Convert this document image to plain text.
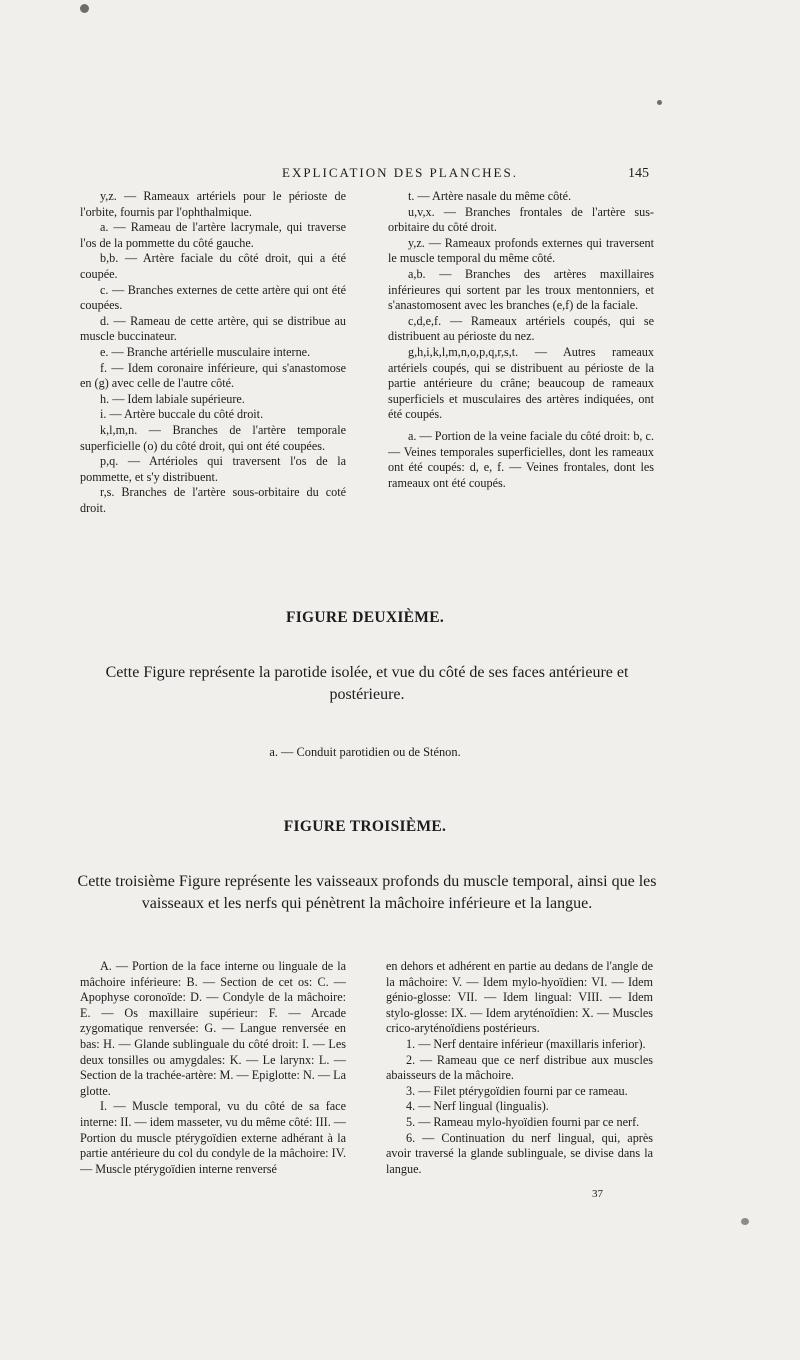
EXPLICATION DES PLANCHES.	145

y,z. — Rameaux artériels pour le périoste de l'orbite, fournis par l'ophthalmique.

a. — Rameau de l'artère lacrymale, qui traverse l'os de la pommette du côté gauche.

b,b. — Artère faciale du côté droit, qui a été coupée.

c. — Branches externes de cette artère qui ont été coupées.

d. — Rameau de cette artère, qui se distribue au muscle buccinateur.

e. — Branche artérielle musculaire interne.

f. — Idem coronaire inférieure, qui s'anastomose en (g) avec celle de l'autre côté.

h. — Idem labiale supérieure.

i. — Artère buccale du côté droit.

k,l,m,n. — Branches de l'artère temporale superficielle (o) du côté droit, qui ont été coupées.

p,q. — Artérioles qui traversent l'os de la pommette, et s'y distribuent.

r,s. Branches de l'artère sous-orbitaire du coté droit.

t. — Artère nasale du même côté.

u,v,x. — Branches frontales de l'artère sus-orbitaire du côté droit.

y,z. — Rameaux profonds externes qui traversent le muscle temporal du même côté.

a,b. — Branches des artères maxillaires inférieures qui sortent par les troux mentonniers, et s'anastomosent avec les branches (e,f) de la faciale.

c,d,e,f. — Rameaux artériels coupés, qui se distribuent au périoste du nez.

g,h,i,k,l,m,n,o,p,q,r,s,t. — Autres rameaux artériels coupés, qui se distribuent au périoste de la partie antérieure du crâne; beaucoup de rameaux superficiels et musculaires des artères indiquées, ont été coupés.

a. — Portion de la veine faciale du côté droit: b, c. — Veines temporales superficielles, dont les rameaux ont été coupés: d, e, f. — Veines frontales, dont les rameaux ont été coupés.

FIGURE DEUXIÈME.
Cette Figure représente la parotide isolée, et vue du côté de ses faces antérieure et postérieure.
a. — Conduit parotidien ou de Sténon.
FIGURE TROISIÈME.
Cette troisième Figure représente les vaisseaux profonds du muscle temporal, ainsi que les vaisseaux et les nerfs qui pénètrent la mâchoire inférieure et la langue.

A. — Portion de la face interne ou linguale de la mâchoire inférieure: B. — Section de cet os: C. — Apophyse coronoïde: D. — Condyle de la mâchoire: E. — Os maxillaire supérieur: F. — Arcade zygomatique renversée: G. — Langue renversée en bas: H. — Glande sublinguale du côté droit: I. — Les deux tonsilles ou amygdales: K. — Le larynx: L. — Section de la trachée-artère: M. — Epiglotte: N. — La glotte.

I. — Muscle temporal, vu du côté de sa face interne: II. — idem masseter, vu du même côté: III. — Portion du muscle ptérygoïdien externe adhérant à la partie antérieure du col du condyle de la mâchoire: IV. — Muscle ptérygoïdien interne renversé

en dehors et adhérent en partie au dedans de l'angle de la mâchoire: V. — Idem mylo-hyoïdien: VI. — Idem génio-glosse: VII. — Idem lingual: VIII. — Idem stylo-glosse: IX. — Idem aryténoïdien: X. — Muscles crico-aryténoïdiens postérieurs.

1. — Nerf dentaire inférieur (maxillaris inferior).

2. — Rameau que ce nerf distribue aux muscles abaisseurs de la mâchoire.

3. — Filet ptérygoïdien fourni par ce rameau.

4. — Nerf lingual (lingualis).

5. — Rameau mylo-hyoïdien fourni par ce nerf.

6. — Continuation du nerf lingual, qui, après avoir traversé la glande sublinguale, se divise dans la langue.

37
